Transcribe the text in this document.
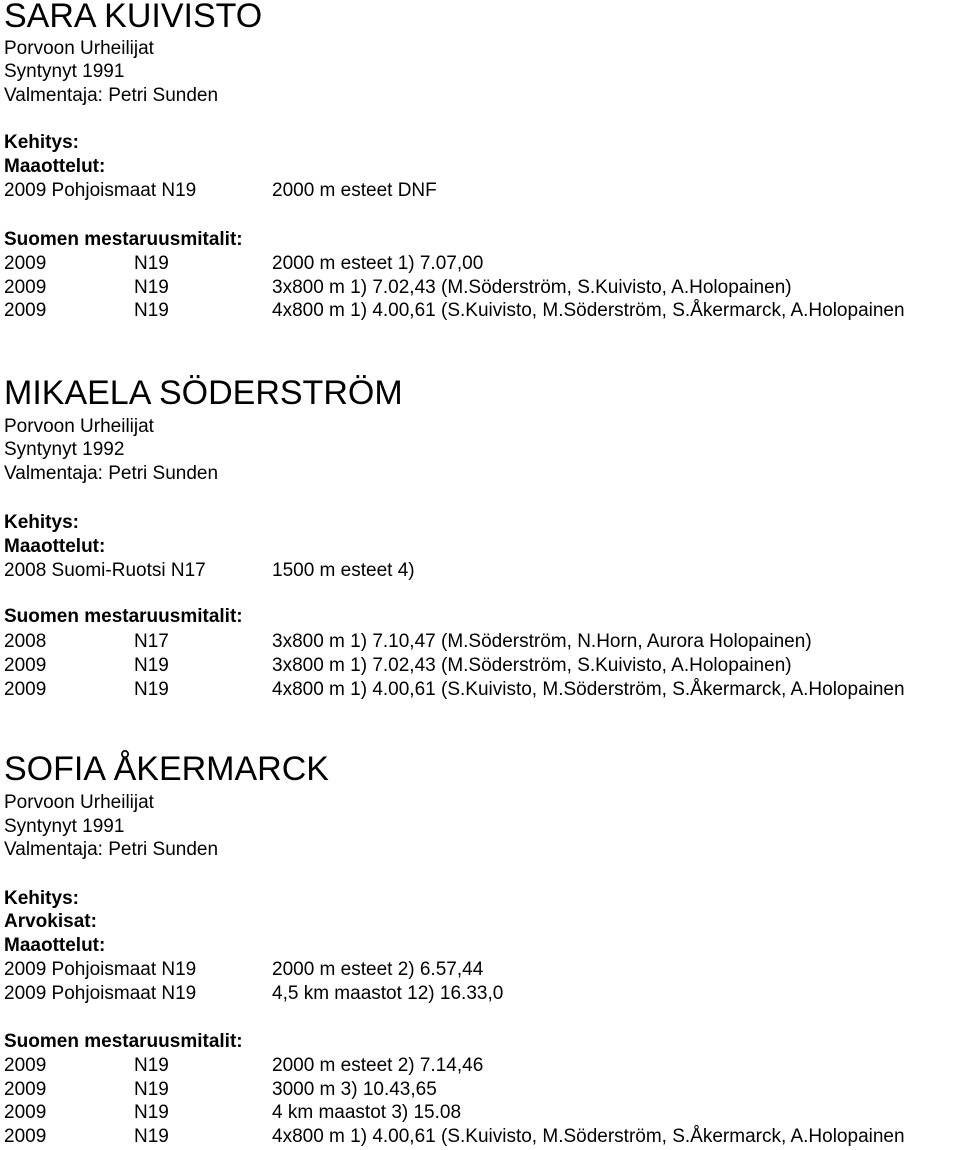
SARA KUIVISTO
Porvoon Urheilijat
Syntynyt 1991
Valmentaja: Petri Sunden
Kehitys:
Maaottelut:
2009 Pohjoismaat N19	2000 m esteet DNF
Suomen mestaruusmitalit:
2009	N19	2000 m esteet 1) 7.07,00
2009	N19	3x800 m 1) 7.02,43 (M.Söderström, S.Kuivisto, A.Holopainen)
2009	N19	4x800 m 1) 4.00,61 (S.Kuivisto, M.Söderström, S.Åkermarck, A.Holopainen
MIKAELA SÖDERSTRÖM
Porvoon Urheilijat
Syntynyt 1992
Valmentaja: Petri Sunden
Kehitys:
Maaottelut:
2008 Suomi-Ruotsi N17	1500 m esteet 4)
Suomen mestaruusmitalit:
2008	N17	3x800 m 1) 7.10,47 (M.Söderström, N.Horn, Aurora Holopainen)
2009	N19	3x800 m 1) 7.02,43 (M.Söderström, S.Kuivisto, A.Holopainen)
2009	N19	4x800 m 1) 4.00,61 (S.Kuivisto, M.Söderström, S.Åkermarck, A.Holopainen
SOFIA ÅKERMARCK
Porvoon Urheilijat
Syntynyt 1991
Valmentaja: Petri Sunden
Kehitys:
Arvokisat:
Maaottelut:
2009 Pohjoismaat N19	2000 m esteet 2) 6.57,44
2009 Pohjoismaat N19	4,5 km maastot 12) 16.33,0
Suomen mestaruusmitalit:
2009	N19	2000 m esteet 2) 7.14,46
2009	N19	3000 m 3) 10.43,65
2009	N19	4 km maastot 3) 15.08
2009	N19	4x800 m 1) 4.00,61 (S.Kuivisto, M.Söderström, S.Åkermarck, A.Holopainen
